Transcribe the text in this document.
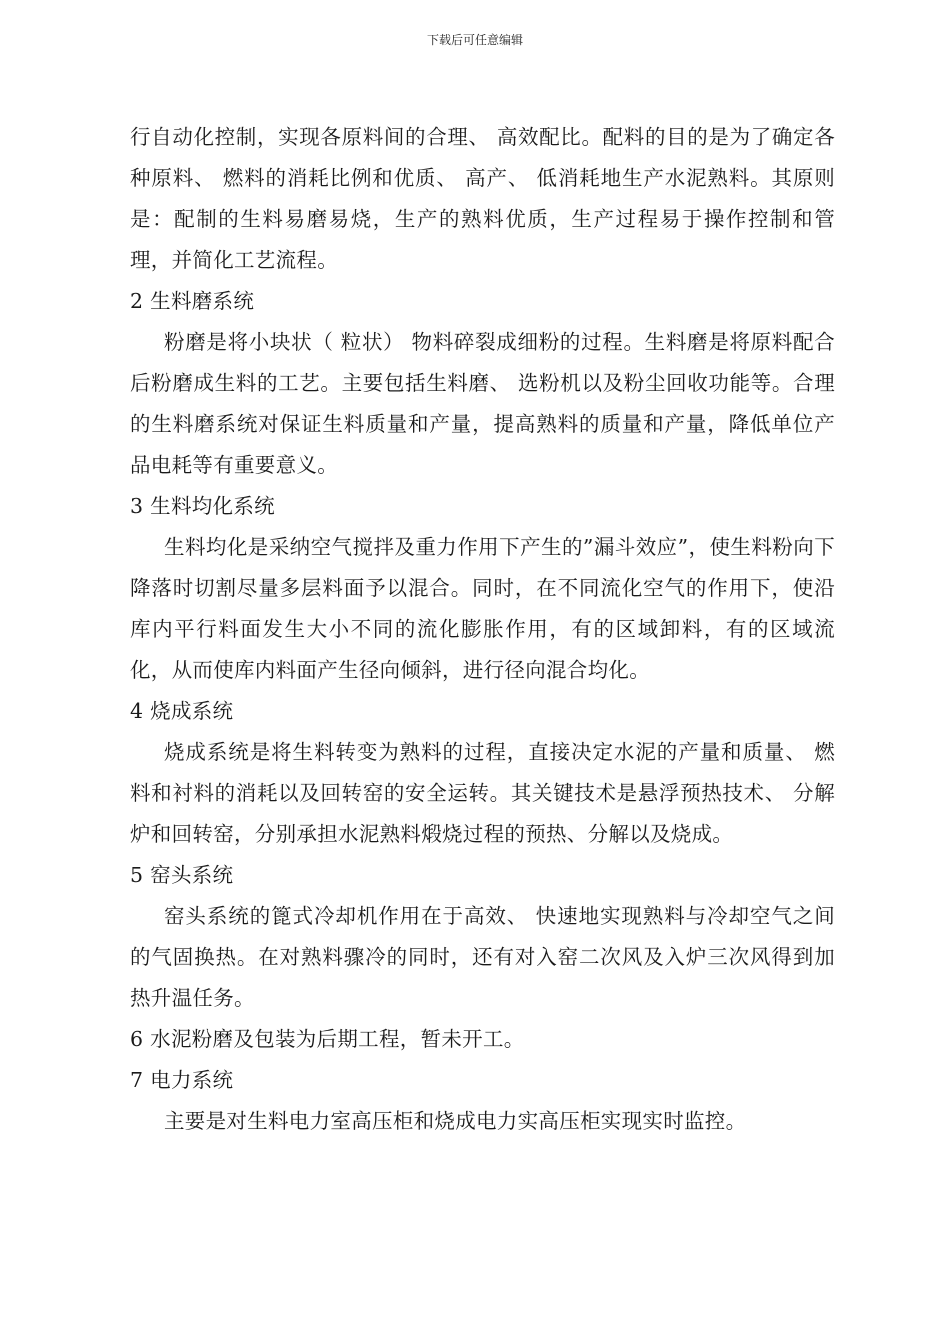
下载后可任意编辑

行自动化控制，实现各原料间的合理、 高效配比。配料的目的是为了确定各种原料、 燃料的消耗比例和优质、 高产、 低消耗地生产水泥熟料。其原则是：配制的生料易磨易烧，生产的熟料优质，生产过程易于操作控制和管理，并简化工艺流程。

2 生料磨系统

粉磨是将小块状（ 粒状） 物料碎裂成细粉的过程。生料磨是将原料配合后粉磨成生料的工艺。主要包括生料磨、 选粉机以及粉尘回收功能等。合理的生料磨系统对保证生料质量和产量，提高熟料的质量和产量，降低单位产品电耗等有重要意义。

3 生料均化系统

生料均化是采纳空气搅拌及重力作用下产生的”漏斗效应”，使生料粉向下降落时切割尽量多层料面予以混合。同时，在不同流化空气的作用下，使沿库内平行料面发生大小不同的流化膨胀作用，有的区域卸料，有的区域流化，从而使库内料面产生径向倾斜，进行径向混合均化。

4 烧成系统

烧成系统是将生料转变为熟料的过程，直接决定水泥的产量和质量、 燃料和衬料的消耗以及回转窑的安全运转。其关键技术是悬浮预热技术、 分解炉和回转窑，分别承担水泥熟料煅烧过程的预热、分解以及烧成。

5 窑头系统

窑头系统的篦式冷却机作用在于高效、 快速地实现熟料与冷却空气之间的气固换热。在对熟料骤冷的同时，还有对入窑二次风及入炉三次风得到加热升温任务。

6 水泥粉磨及包装为后期工程，暂未开工。

7 电力系统

主要是对生料电力室高压柜和烧成电力实高压柜实现实时监控。
